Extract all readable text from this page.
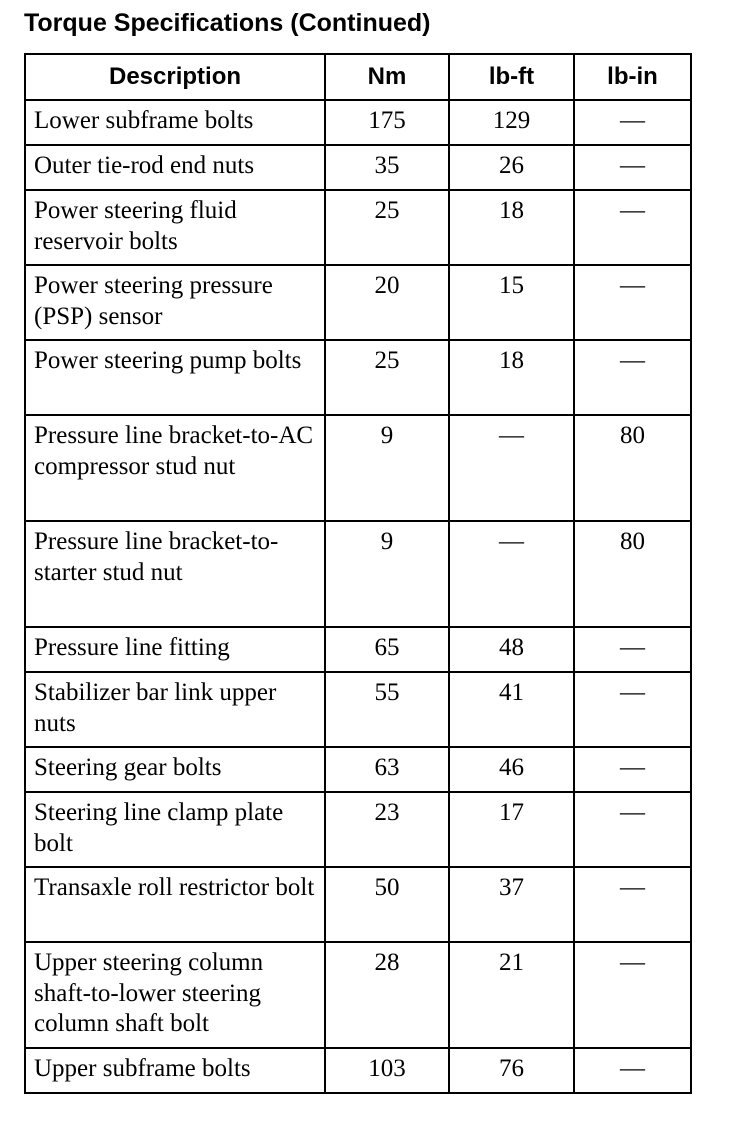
Torque Specifications (Continued)
Description	Nm	lb-ft	lb-in
Lower subframe bolts	175	129	—
Outer tie-rod end nuts	35	26	—
Power steering fluid reservoir bolts	25	18	—
Power steering pressure (PSP) sensor	20	15	—
Power steering pump bolts	25	18	—
Pressure line bracket-to-AC compressor stud nut	9	—	80
Pressure line bracket-to-starter stud nut	9	—	80
Pressure line fitting	65	48	—
Stabilizer bar link upper nuts	55	41	—
Steering gear bolts	63	46	—
Steering line clamp plate bolt	23	17	—
Transaxle roll restrictor bolt	50	37	—
Upper steering column shaft-to-lower steering column shaft bolt	28	21	—
Upper subframe bolts	103	76	—
